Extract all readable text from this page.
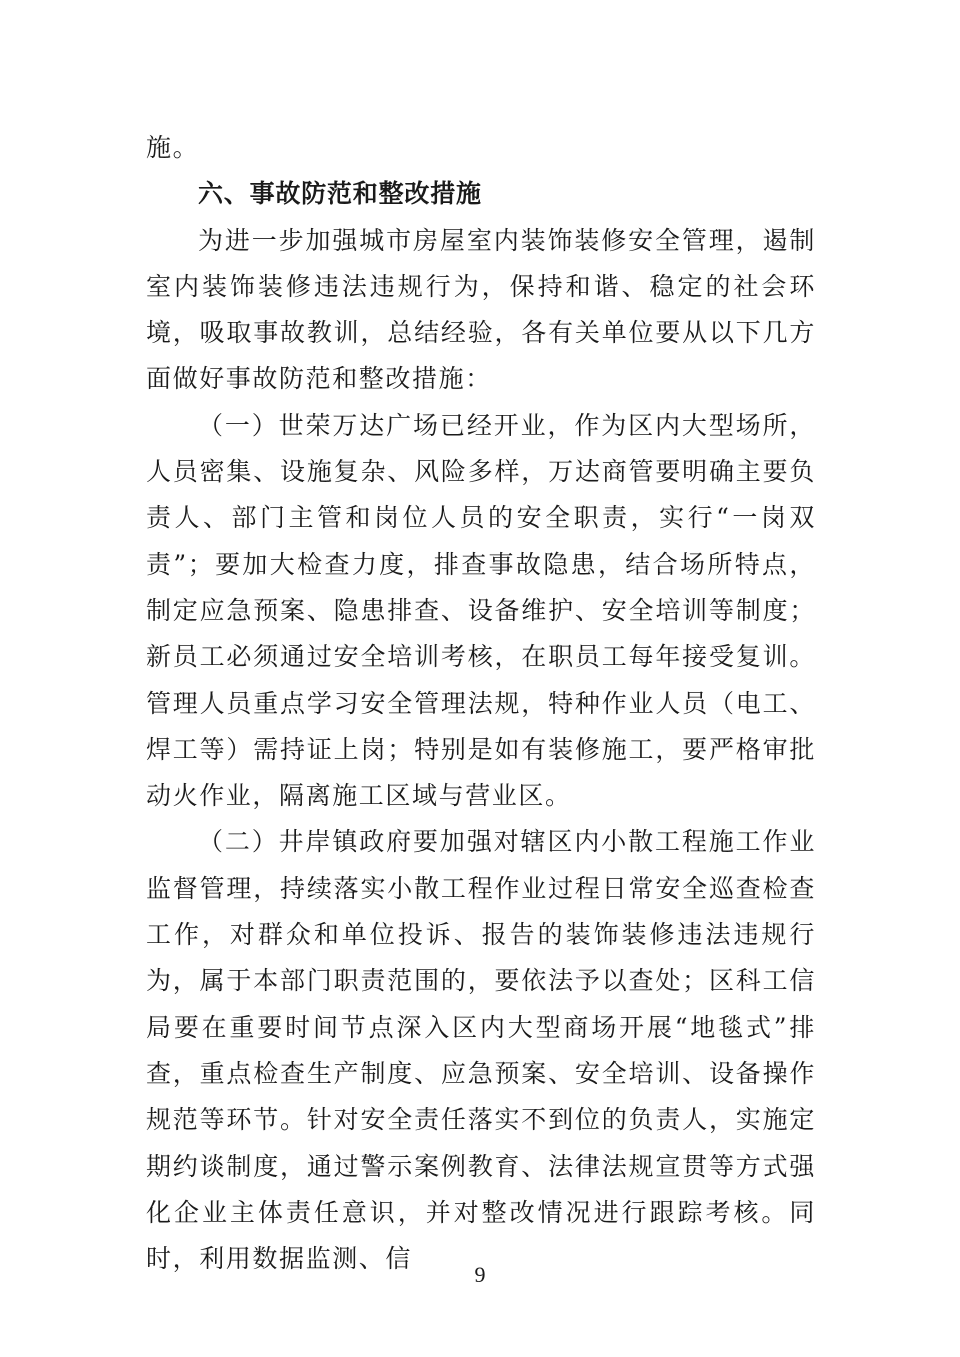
施。

六、事故防范和整改措施

为进一步加强城市房屋室内装饰装修安全管理，遏制室内装饰装修违法违规行为，保持和谐、稳定的社会环境，吸取事故教训，总结经验，各有关单位要从以下几方面做好事故防范和整改措施：

（一）世荣万达广场已经开业，作为区内大型场所，人员密集、设施复杂、风险多样，万达商管要明确主要负责人、部门主管和岗位人员的安全职责，实行“一岗双责”；要加大检查力度，排查事故隐患，结合场所特点，制定应急预案、隐患排查、设备维护、安全培训等制度；新员工必须通过安全培训考核，在职员工每年接受复训。管理人员重点学习安全管理法规，特种作业人员（电工、焊工等）需持证上岗；特别是如有装修施工，要严格审批动火作业，隔离施工区域与营业区。

（二）井岸镇政府要加强对辖区内小散工程施工作业监督管理，持续落实小散工程作业过程日常安全巡查检查工作，对群众和单位投诉、报告的装饰装修违法违规行为，属于本部门职责范围的，要依法予以查处；区科工信局要在重要时间节点深入区内大型商场开展“地毯式”排查，重点检查生产制度、应急预案、安全培训、设备操作规范等环节。针对安全责任落实不到位的负责人，实施定期约谈制度，通过警示案例教育、法律法规宣贯等方式强化企业主体责任意识，并对整改情况进行跟踪考核。同时，利用数据监测、信

9
